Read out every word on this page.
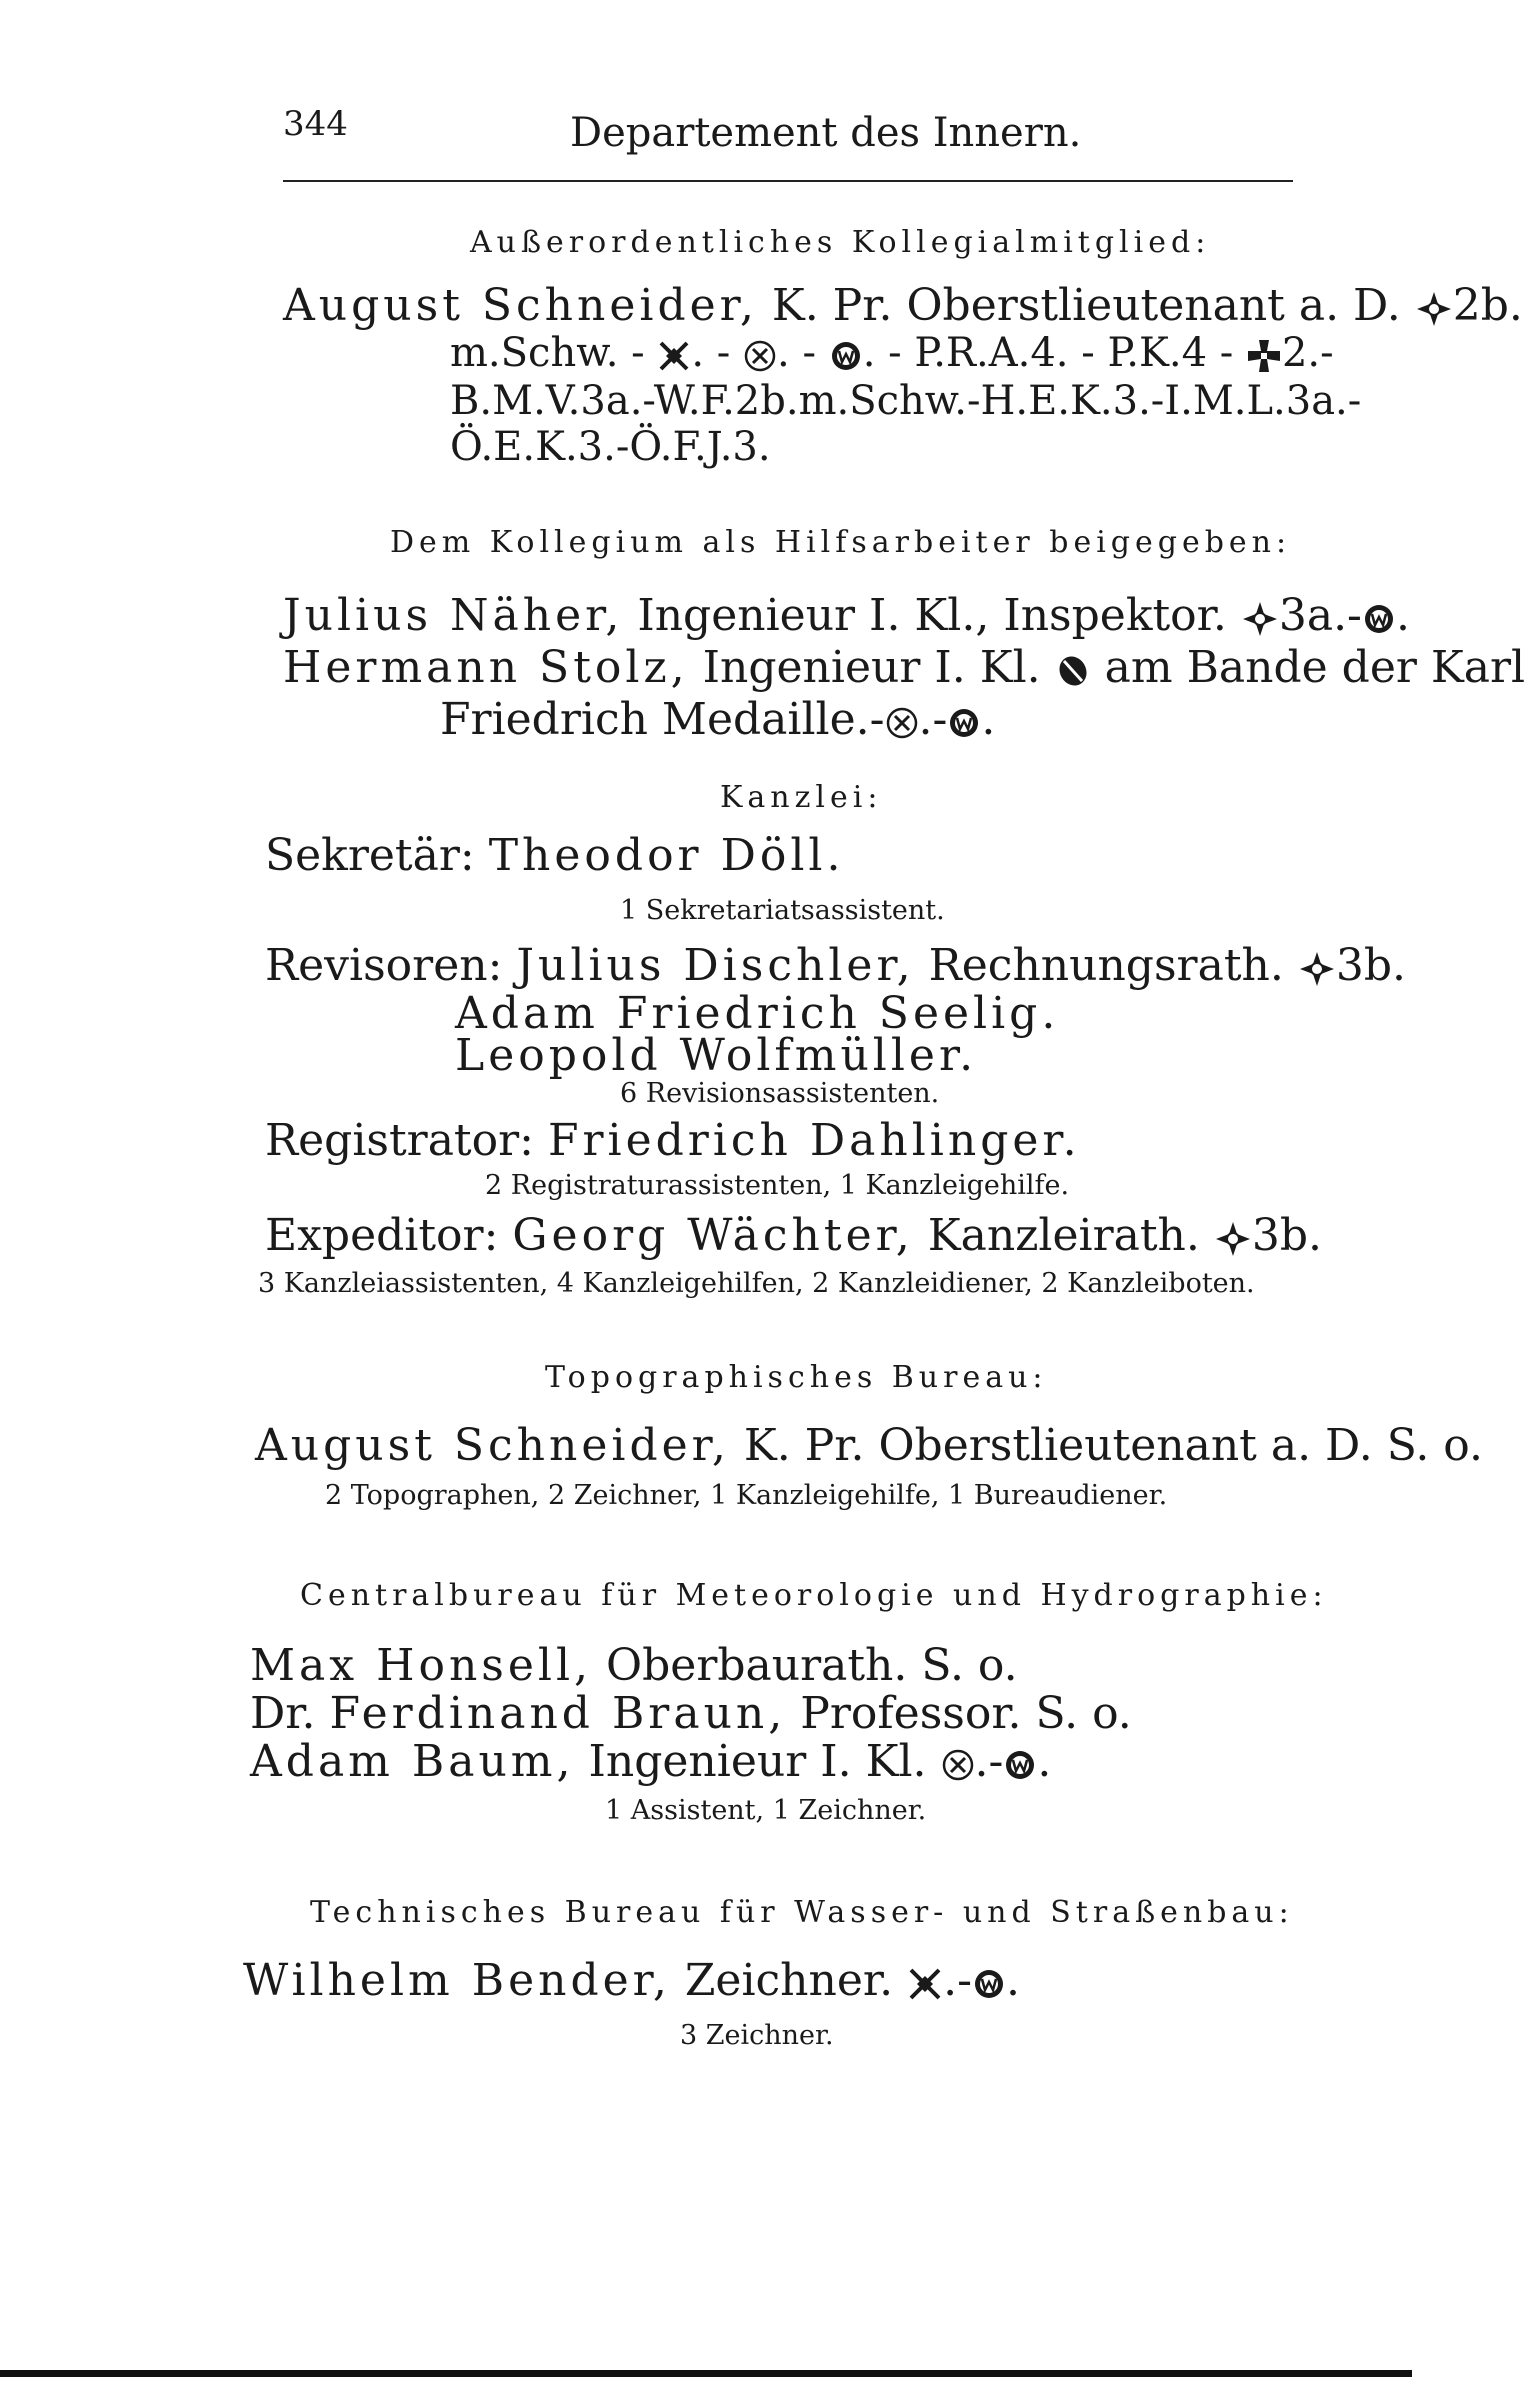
344	Departement des Innern.
Außerordentliches Kollegialmitglied:
August Schneider, K. Pr. Oberstlieutenant a. D. 2b.
m.Schw. - . - . - . - P.R.A.4. - P.K.4 - 2.-
B.M.V.3a.-W.F.2b.m.Schw.-H.E.K.3.-I.M.L.3a.-
Ö.E.K.3.-Ö.F.J.3.
Dem Kollegium als Hilfsarbeiter beigegeben:
Julius Näher, Ingenieur I. Kl., Inspektor. 3a.- .
Hermann Stolz, Ingenieur I. Kl. am Bande der Karl
Friedrich Medaille.- .- .
Kanzlei:
Sekretär: Theodor Döll.
1 Sekretariatsassistent.
Revisoren: Julius Dischler, Rechnungsrath. 3b.
Adam Friedrich Seelig.
Leopold Wolfmüller.
6 Revisionsassistenten.
Registrator: Friedrich Dahlinger.
2 Registraturassistenten, 1 Kanzleigehilfe.
Expeditor: Georg Wächter, Kanzleirath. 3b.
3 Kanzleiassistenten, 4 Kanzleigehilfen, 2 Kanzleidiener, 2 Kanzleiboten.
Topographisches Bureau:
August Schneider, K. Pr. Oberstlieutenant a. D. S. o.
2 Topographen, 2 Zeichner, 1 Kanzleigehilfe, 1 Bureaudiener.
Centralbureau für Meteorologie und Hydrographie:
Max Honsell, Oberbaurath. S. o.
Dr. Ferdinand Braun, Professor. S. o.
Adam Baum, Ingenieur I. Kl. .- .
1 Assistent, 1 Zeichner.
Technisches Bureau für Wasser- und Straßenbau:
Wilhelm Bender, Zeichner. .- .
3 Zeichner.
